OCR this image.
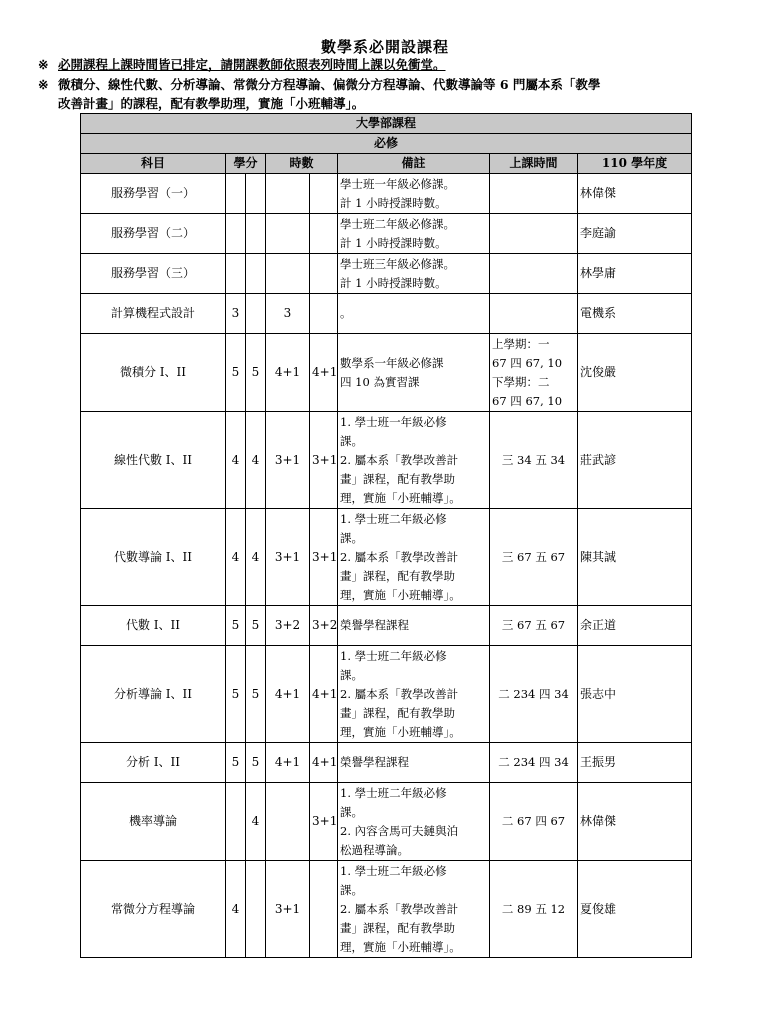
數學系必開設課程
※ 必開課程上課時間皆已排定，請開課教師依照表列時間上課以免衝堂。
※ 微積分、線性代數、分析導論、常微分方程導論、偏微分方程導論、代數導論等 6 門屬本系「教學
改善計畫」的課程，配有教學助理，實施「小班輔導」。
大學部課程							
必修							
科目	學分		時數		備註	上課時間	110 學年度
服務學習（一）					學士班一年級必修課。
計 1 小時授課時數。		林偉傑
服務學習（二）					學士班二年級必修課。
計 1 小時授課時數。		李庭諭
服務學習（三）					學士班三年級必修課。
計 1 小時授課時數。		林學庸
計算機程式設計	3		3		。		電機系
微積分 I、II	5	5	4+1	4+1	數學系一年級必修課
四 10 為實習課	上學期：一
67 四 67, 10
下學期：二
67 四 67, 10	沈俊嚴
線性代數 I、II	4	4	3+1	3+1	1. 學士班一年級必修
課。
2. 屬本系「教學改善計
畫」課程，配有教學助
理，實施「小班輔導」。	三 34 五 34	莊武諺
代數導論 I、II	4	4	3+1	3+1	1. 學士班二年級必修
課。
2. 屬本系「教學改善計
畫」課程，配有教學助
理，實施「小班輔導」。	三 67 五 67	陳其誠
代數 I、II	5	5	3+2	3+2	榮譽學程課程	三 67 五 67	余正道
分析導論 I、II	5	5	4+1	4+1	1. 學士班二年級必修
課。
2. 屬本系「教學改善計
畫」課程，配有教學助
理，實施「小班輔導」。	二 234 四 34	張志中
分析 I、II	5	5	4+1	4+1	榮譽學程課程	二 234 四 34	王振男
機率導論		4		3+1	1. 學士班二年級必修
課。
2. 內容含馬可夫鏈與泊
松過程導論。	二 67 四 67	林偉傑
常微分方程導論	4		3+1		1. 學士班二年級必修
課。
2. 屬本系「教學改善計
畫」課程，配有教學助
理，實施「小班輔導」。	二 89 五 12	夏俊雄
